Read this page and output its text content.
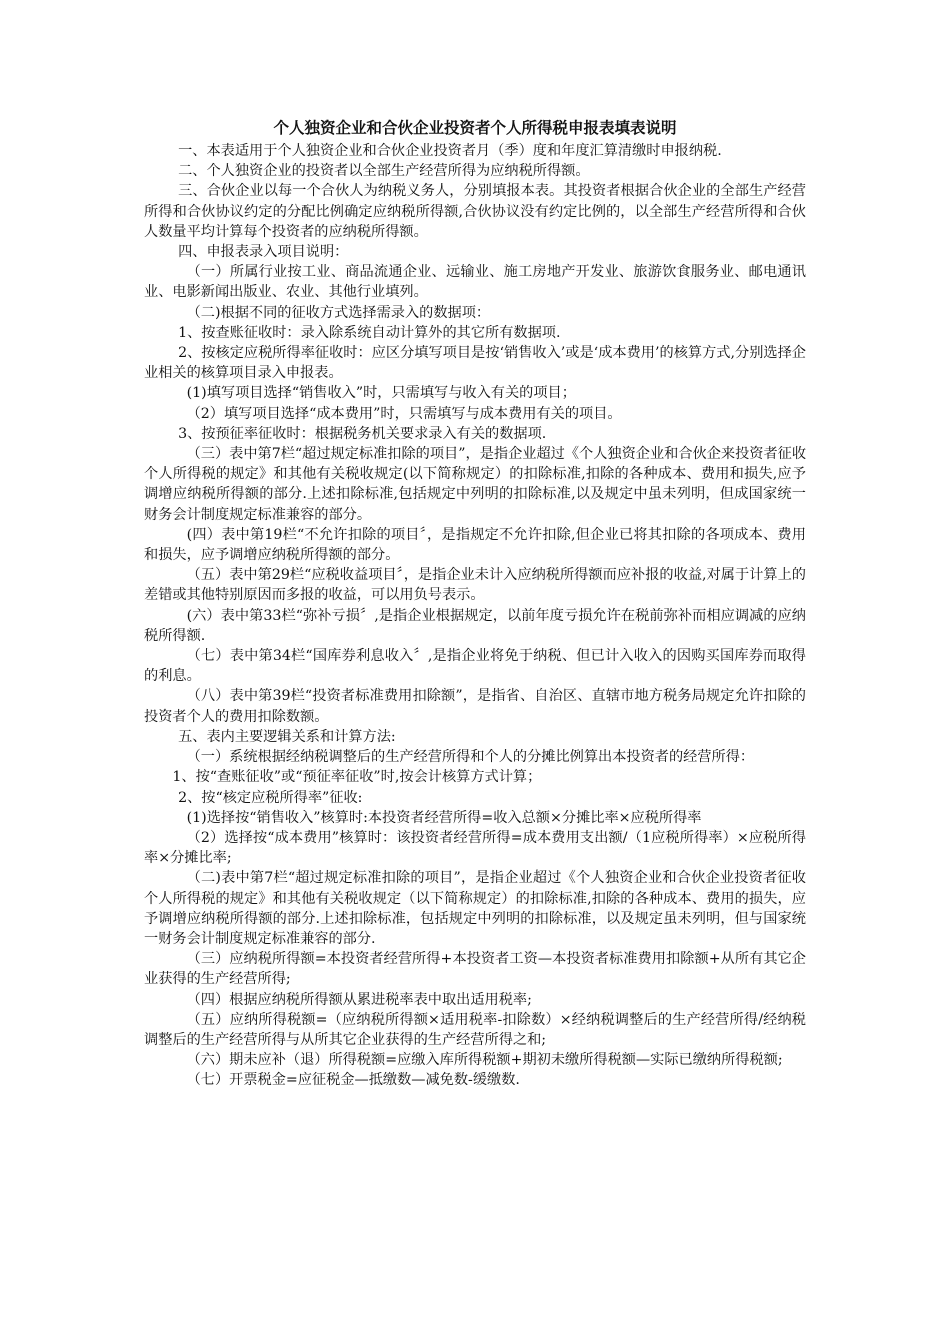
个人独资企业和合伙企业投资者个人所得税申报表填表说明

一、本表适用于个人独资企业和合伙企业投资者月（季）度和年度汇算清缴时申报纳税.

二、个人独资企业的投资者以全部生产经营所得为应纳税所得额。

三、合伙企业以每一个合伙人为纳税义务人，分别填报本表。其投资者根据合伙企业的全部生产经营所得和合伙协议约定的分配比例确定应纳税所得额,合伙协议没有约定比例的，以全部生产经营所得和合伙人数量平均计算每个投资者的应纳税所得额。

四、申报表录入项目说明：

（一）所属行业按工业、商品流通企业、远输业、施工房地产开发业、旅游饮食服务业、邮电通讯业、电影新闻出版业、农业、其他行业填列。

（二)根据不同的征收方式选择需录入的数据项：

1、按查账征收时：录入除系统自动计算外的其它所有数据项.

2、按核定应税所得率征收时：应区分填写项目是按‘销售收入’或是‘成本费用’的核算方式,分别选择企业相关的核算项目录入申报表。

(1)填写项目选择“销售收入”时，只需填写与收入有关的项目；

（2）填写项目选择“成本费用”时，只需填写与成本费用有关的项目。

3、按预征率征收时：根据税务机关要求录入有关的数据项.

（三）表中第7栏“超过规定标准扣除的项目”，是指企业超过《个人独资企业和合伙企来投资者征收个人所得税的规定》和其他有关税收规定(以下简称规定）的扣除标准,扣除的各种成本、费用和损失,应予调增应纳税所得额的部分.上述扣除标准,包括规定中列明的扣除标准,以及规定中虽未列明，但成国家统一财务会计制度规定标准兼容的部分。

(四）表中第19栏“不允许扣除的项目〞，是指规定不允许扣除,但企业已将其扣除的各项成本、费用和损失，应予调增应纳税所得额的部分。

（五）表中第29栏“应税收益项目〞，是指企业未计入应纳税所得额而应补报的收益,对属于计算上的差错或其他特别原因而多报的收益，可以用负号表示。

(六）表中第33栏“弥补亏损〞,是指企业根据规定，以前年度亏损允许在税前弥补而相应调减的应纳税所得额.

（七）表中第34栏“国库券利息收入〞,是指企业将免于纳税、但已计入收入的因购买国库券而取得的利息。

（八）表中第39栏“投资者标准费用扣除额”，是指省、自治区、直辖市地方税务局规定允许扣除的投资者个人的费用扣除数额。

五、表内主要逻辑关系和计算方法:

（一）系统根据经纳税调整后的生产经营所得和个人的分摊比例算出本投资者的经营所得：

1、按“查账征收”或“预征率征收”时,按会计核算方式计算；

2、按“核定应税所得率”征收:

(1)选择按“销售收入”核算时:本投资者经营所得=收入总额×分摊比率×应税所得率

（2）选择按“成本费用”核算时：该投资者经营所得=成本费用支出额/（1应税所得率）×应税所得率×分摊比率;

（二)表中第7栏“超过规定标准扣除的项目”，是指企业超过《个人独资企业和合伙企业投资者征收个人所得税的规定》和其他有关税收规定（以下简称规定）的扣除标准,扣除的各种成本、费用的损失，应予调增应纳税所得额的部分.上述扣除标准，包括规定中列明的扣除标准，以及规定虽未列明，但与国家统一财务会计制度规定标准兼容的部分.

（三）应纳税所得额=本投资者经营所得+本投资者工资—本投资者标准费用扣除额+从所有其它企业获得的生产经营所得;

（四）根据应纳税所得额从累进税率表中取出适用税率;

（五）应纳所得税额=（应纳税所得额×适用税率-扣除数）×经纳税调整后的生产经营所得/经纳税调整后的生产经营所得与从所其它企业获得的生产经营所得之和;

（六）期未应补（退）所得税额=应缴入库所得税额+期初未缴所得税额—实际已缴纳所得税额;

（七）开票税金=应征税金—抵缴数—减免数-缓缴数.
